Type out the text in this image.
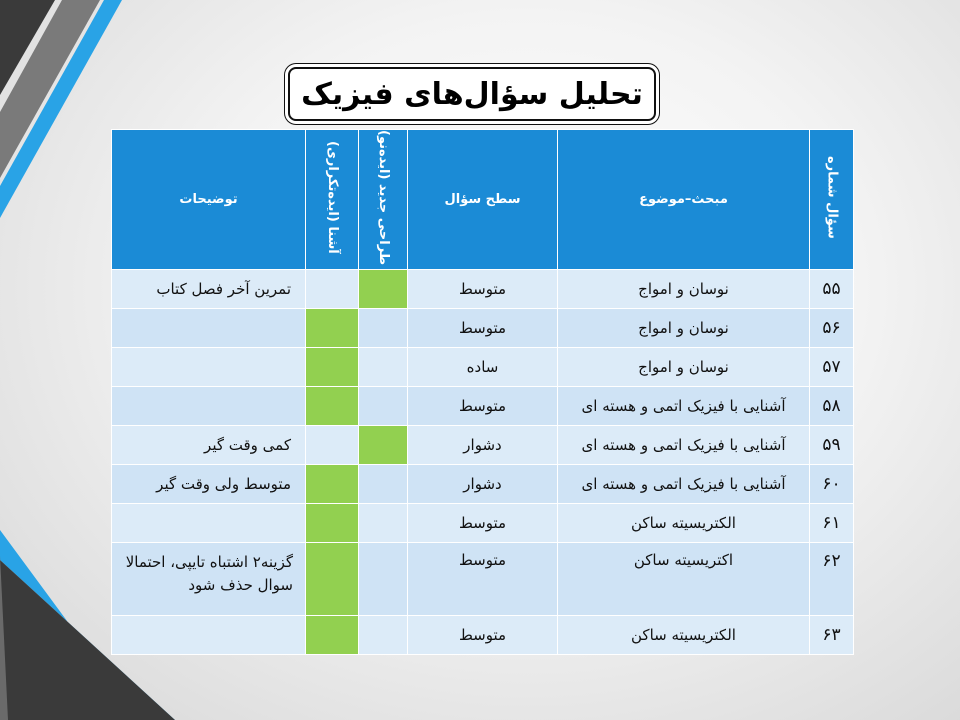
تحلیل سؤال‌های فیزیک
سؤال شماره	مبحث–موضوع	سطح سؤال	طراحی جدید (ایده‌نو)	آشنا (ایده‌تکراری)	توضیحات
۵۵	نوسان و امواج	متوسط			تمرین آخر فصل کتاب
۵۶	نوسان و امواج	متوسط			
۵۷	نوسان و امواج	ساده			
۵۸	آشنایی با فیزیک اتمی و هسته ای	متوسط			
۵۹	آشنایی با فیزیک اتمی و هسته ای	دشوار			کمی وقت گیر
۶۰	آشنایی با فیزیک اتمی و هسته ای	دشوار			متوسط ولی وقت گیر
۶۱	الکتریسیته ساکن	متوسط			
۶۲	اکتریسیته ساکن	متوسط			گزینه۲ اشتباه تایپی، احتمالا سوال حذف شود
۶۳	الکتریسیته ساکن	متوسط			
